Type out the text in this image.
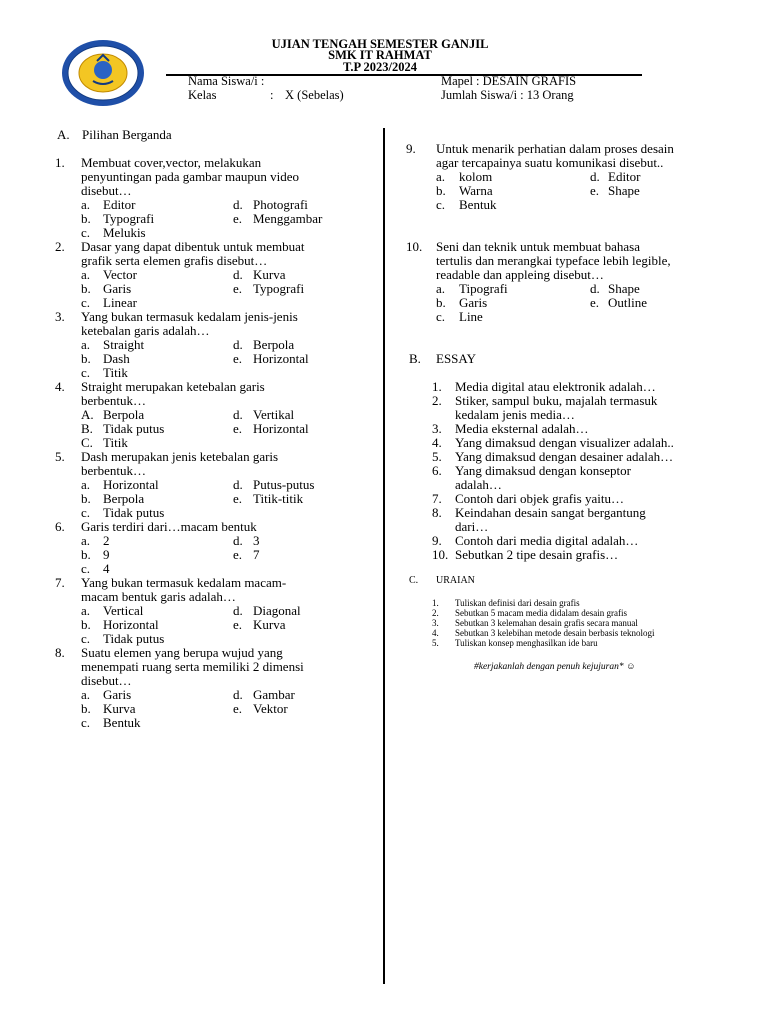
UJIAN TENGAH SEMESTER GANJIL
SMK IT RAHMAT
T.P 2023/2024
Nama Siswa/i :
Kelas	: X (Sebelas)
Mapel : DESAIN GRAFIS
Jumlah Siswa/i : 13 Orang
A. Pilihan Berganda
1. Membuat cover,vector, melakukan
penyuntingan pada gambar maupun video
disebut…
a. Editor	d. Photografi
b. Typografi	e. Menggambar
c. Melukis
2. Dasar yang dapat dibentuk untuk membuat
grafik serta elemen grafis disebut…
a. Vector	d. Kurva
b. Garis	e. Typografi
c. Linear
3. Yang bukan termasuk kedalam jenis-jenis
ketebalan garis adalah…
a. Straight	d. Berpola
b. Dash	e. Horizontal
c. Titik
4. Straight merupakan ketebalan garis
berbentuk…
A. Berpola	d. Vertikal
B. Tidak putus	e. Horizontal
C. Titik
5. Dash merupakan jenis ketebalan garis
berbentuk…
a. Horizontal	d. Putus-putus
b. Berpola	e. Titik-titik
c. Tidak putus
6. Garis terdiri dari…macam bentuk
a. 2	d. 3
b. 9	e. 7
c. 4
7. Yang bukan termasuk kedalam macam-
macam bentuk garis adalah…
a. Vertical	d. Diagonal
b. Horizontal	e. Kurva
c. Tidak putus
8. Suatu elemen yang berupa wujud yang
menempati ruang serta memiliki 2 dimensi
disebut…
a. Garis	d. Gambar
b. Kurva	e. Vektor
c. Bentuk
9. Untuk menarik perhatian dalam proses desain
agar tercapainya suatu komunikasi disebut..
a. kolom	d. Editor
b. Warna	e. Shape
c. Bentuk
10. Seni dan teknik untuk membuat bahasa
tertulis dan merangkai typeface lebih legible,
readable dan appleing disebut…
a. Tipografi	d. Shape
b. Garis	e. Outline
c. Line
B. ESSAY
1. Media digital atau elektronik adalah…
2. Stiker, sampul buku, majalah termasuk
kedalam jenis media…
3. Media eksternal adalah…
4. Yang dimaksud dengan visualizer adalah..
5. Yang dimaksud dengan desainer adalah…
6. Yang dimaksud dengan konseptor
adalah…
7. Contoh dari objek grafis yaitu…
8. Keindahan desain sangat bergantung
dari…
9. Contoh dari media digital adalah…
10. Sebutkan 2 tipe desain grafis…
C. URAIAN
1. Tuliskan definisi dari desain grafis
2. Sebutkan 5 macam media didalam desain grafis
3. Sebutkan 3 kelemahan desain grafis secara manual
4. Sebutkan 3 kelebihan metode desain berbasis teknologi
5. Tuliskan konsep menghasilkan ide baru
#kerjakanlah dengan penuh kejujuran* ☺
